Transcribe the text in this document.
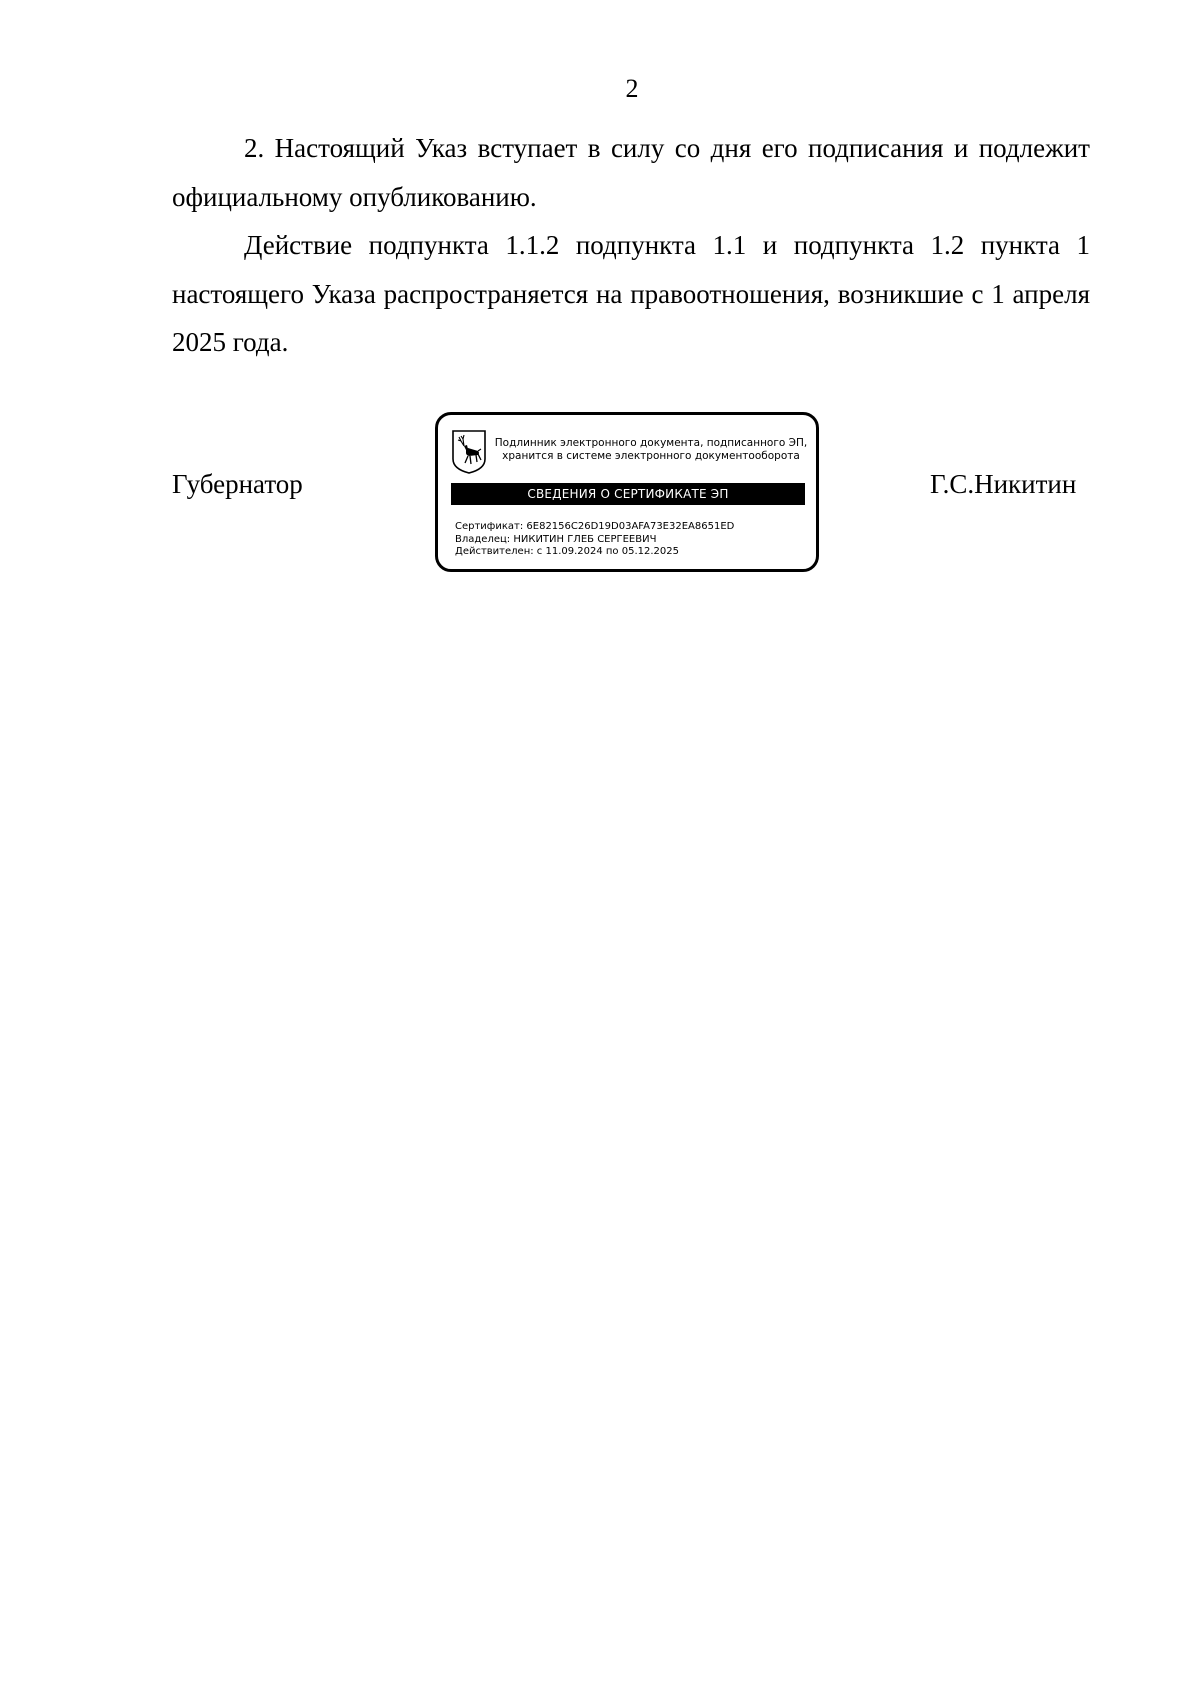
2

2. Настоящий Указ вступает в силу со дня его подписания и подлежит официальному опубликованию.

Действие подпункта 1.1.2 подпункта 1.1 и подпункта 1.2 пункта 1 настоящего Указа распространяется на правоотношения, возникшие с 1 апреля 2025 года.

Губернатор
Подлинник электронного документа, подписанного ЭП,
хранится в системе электронного документооборота
СВЕДЕНИЯ О СЕРТИФИКАТЕ ЭП
Сертификат: 6E82156C26D19D03AFA73E32EA8651ED
Владелец: НИКИТИН ГЛЕБ СЕРГЕЕВИЧ
Действителен: с 11.09.2024 по 05.12.2025
Г.С.Никитин
